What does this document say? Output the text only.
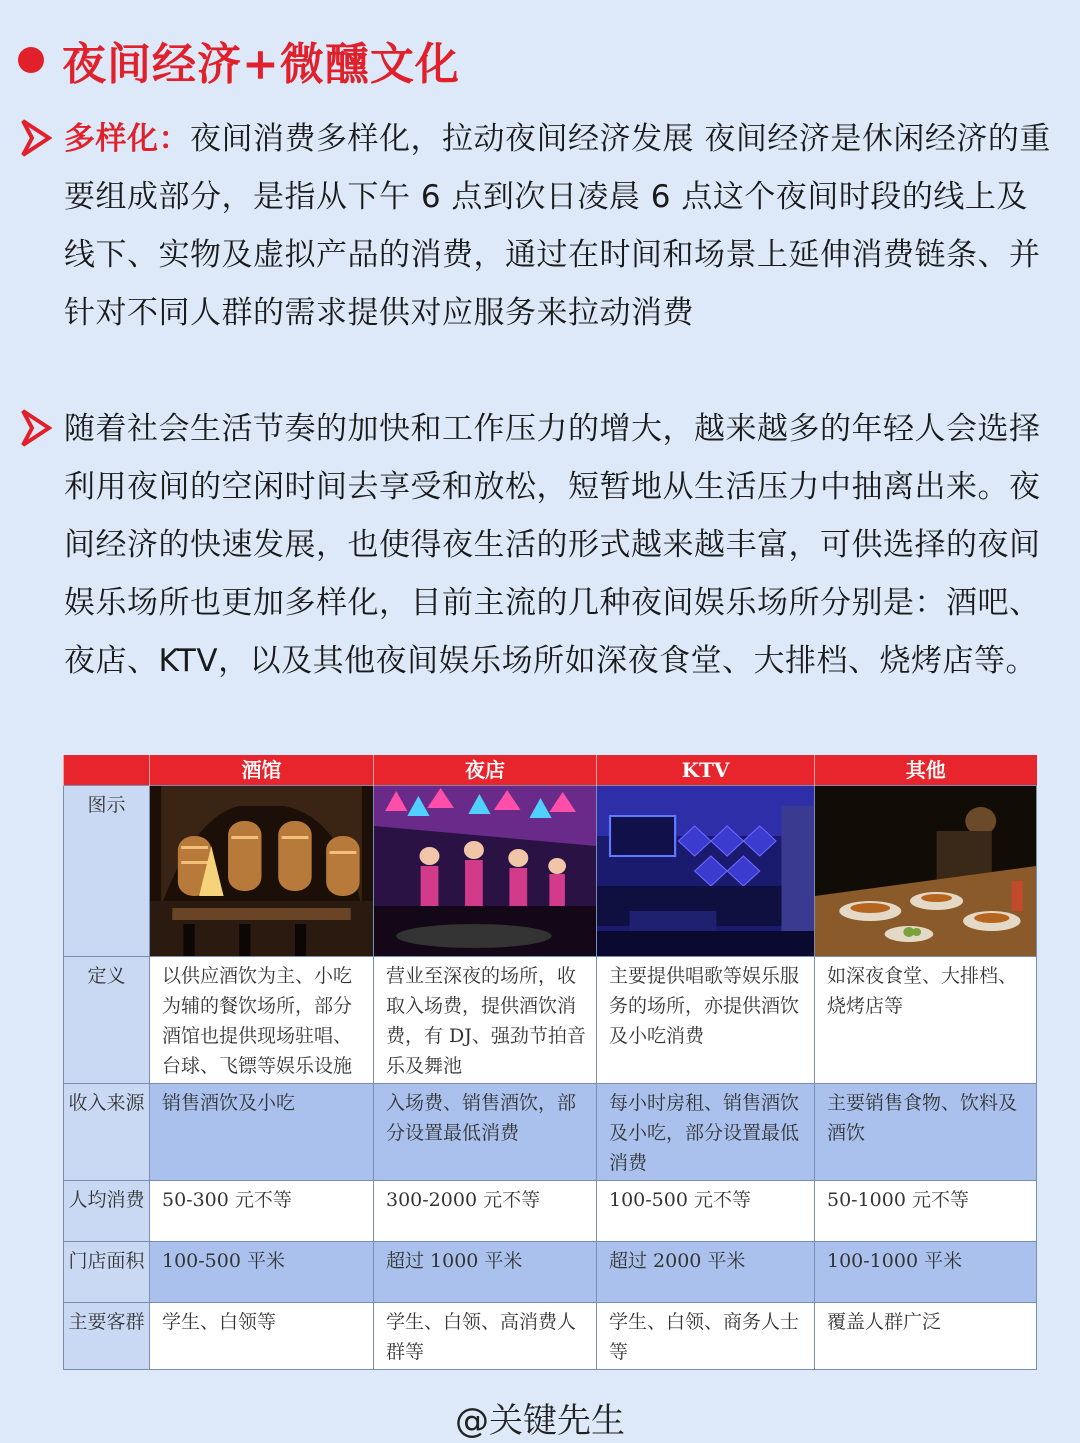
夜间经济+微醺文化
多样化：夜间消费多样化，拉动夜间经济发展 夜间经济是休闲经济的重要组成部分，是指从下午 6 点到次日凌晨 6 点这个夜间时段的线上及线下、实物及虚拟产品的消费，通过在时间和场景上延伸消费链条、并针对不同人群的需求提供对应服务来拉动消费
随着社会生活节奏的加快和工作压力的增大，越来越多的年轻人会选择利用夜间的空闲时间去享受和放松，短暂地从生活压力中抽离出来。夜间经济的快速发展，也使得夜生活的形式越来越丰富，可供选择的夜间娱乐场所也更加多样化，目前主流的几种夜间娱乐场所分别是：酒吧、夜店、KTV，以及其他夜间娱乐场所如深夜食堂、大排档、烧烤店等。
	酒馆	夜店	KTV	其他
图示	

定义	以供应酒饮为主、小吃为辅的餐饮场所，部分酒馆也提供现场驻唱、台球、飞镖等娱乐设施	营业至深夜的场所，收取入场费，提供酒饮消费，有 DJ、强劲节拍音乐及舞池	主要提供唱歌等娱乐服务的场所，亦提供酒饮及小吃消费	如深夜食堂、大排档、烧烤店等
收入来源	销售酒饮及小吃	入场费、销售酒饮，部分设置最低消费	每小时房租、销售酒饮及小吃，部分设置最低消费	主要销售食物、饮料及酒饮
人均消费	50-300 元不等	300-2000 元不等	100-500 元不等	50-1000 元不等
门店面积	100-500 平米	超过 1000 平米	超过 2000 平米	100-1000 平米
主要客群	学生、白领等	学生、白领、高消费人群等	学生、白领、商务人士等	覆盖人群广泛
@关键先生
